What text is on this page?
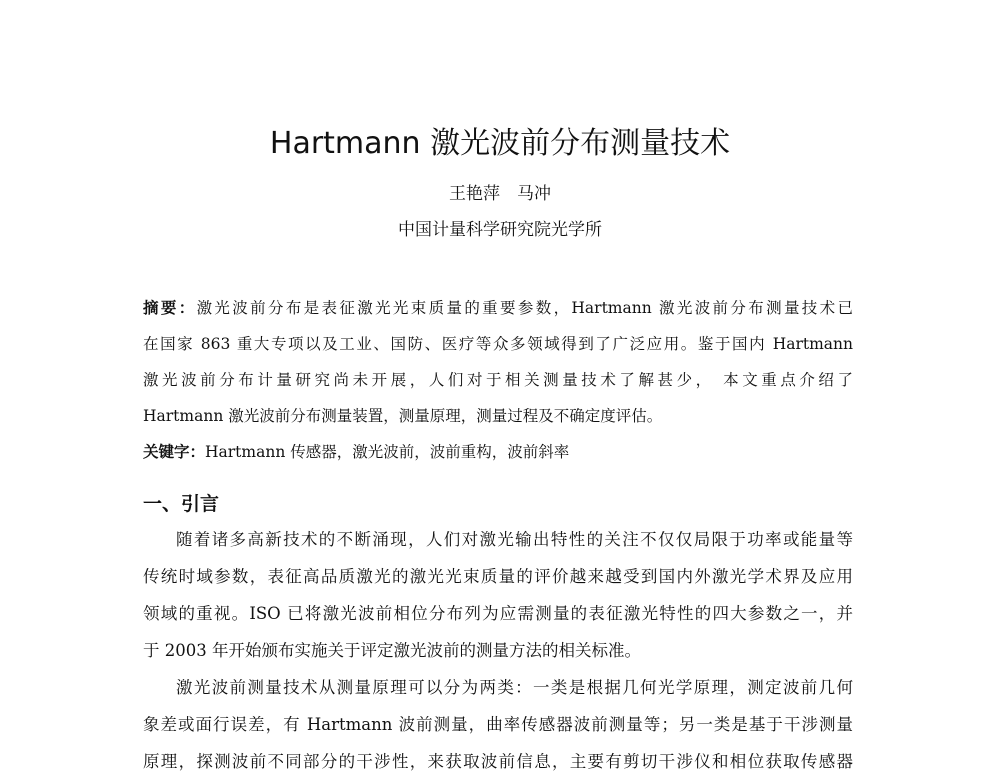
Hartmann 激光波前分布测量技术
王艳萍　马冲
中国计量科学研究院光学所
摘要：激光波前分布是表征激光光束质量的重要参数，Hartmann 激光波前分布测量技术已
在国家 863 重大专项以及工业、国防、医疗等众多领域得到了广泛应用。鉴于国内 Hartmann
激光波前分布计量研究尚未开展，人们对于相关测量技术了解甚少， 本文重点介绍了
Hartmann 激光波前分布测量装置，测量原理，测量过程及不确定度评估。
关键字：Hartmann 传感器，激光波前，波前重构，波前斜率
一、引言
随着诸多高新技术的不断涌现，人们对激光输出特性的关注不仅仅局限于功率或能量等
传统时域参数，表征高品质激光的激光光束质量的评价越来越受到国内外激光学术界及应用
领域的重视。ISO 已将激光波前相位分布列为应需测量的表征激光特性的四大参数之一，并
于 2003 年开始颁布实施关于评定激光波前的测量方法的相关标准。
激光波前测量技术从测量原理可以分为两类：一类是根据几何光学原理，测定波前几何
象差或面行误差，有 Hartmann 波前测量，曲率传感器波前测量等；另一类是基于干涉测量
原理，探测波前不同部分的干涉性，来获取波前信息，主要有剪切干涉仪和相位获取传感器
